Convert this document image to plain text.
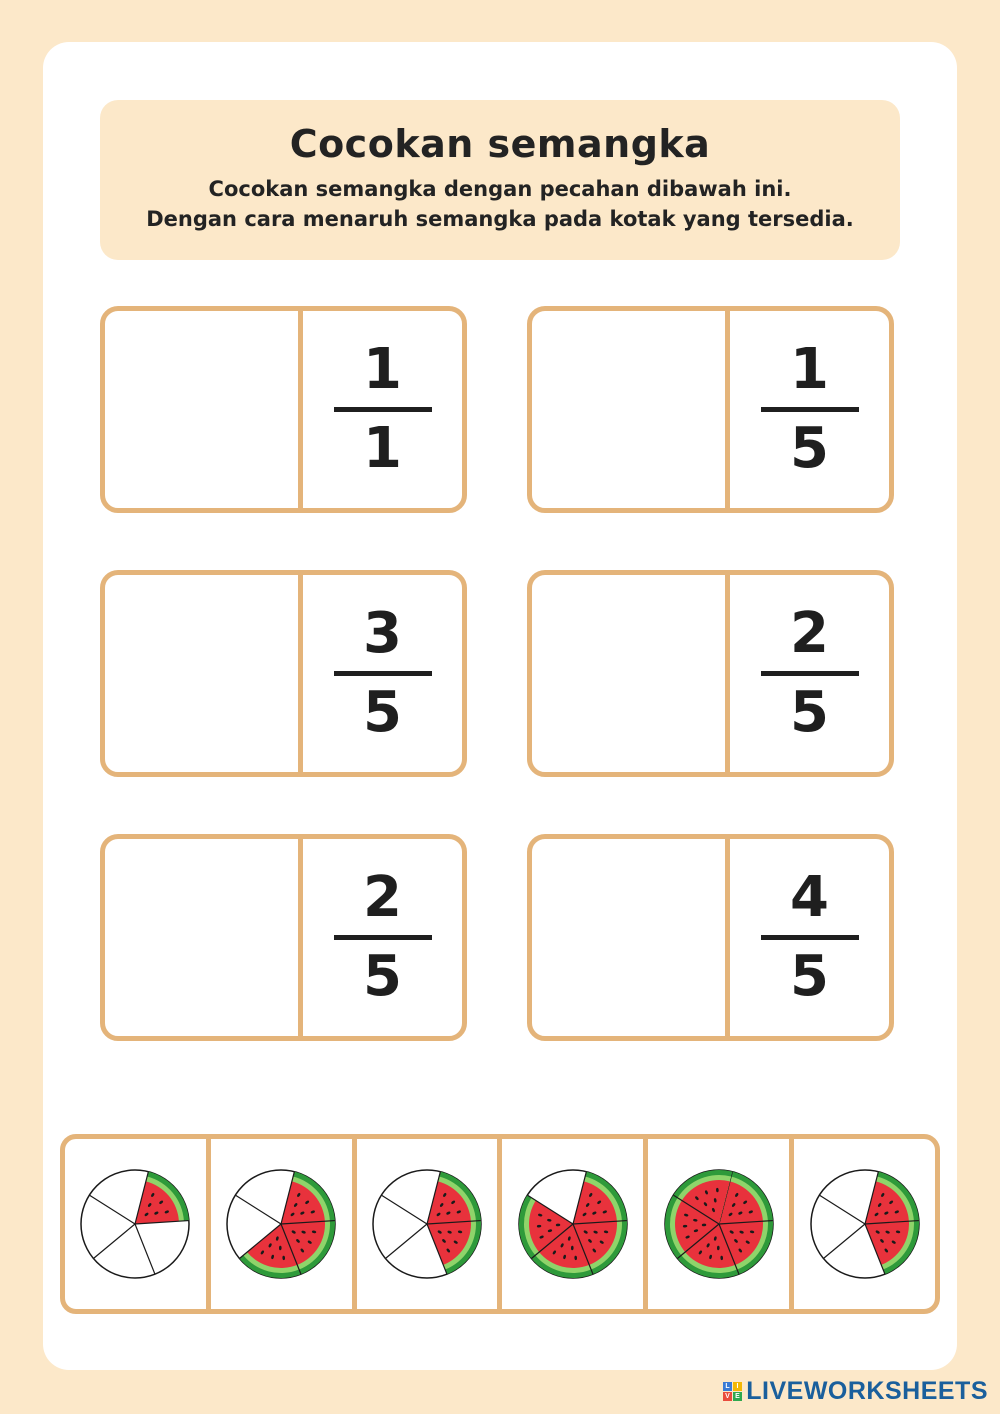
Cocokan semangka
Cocokan semangka dengan pecahan dibawah ini.
Dengan cara menaruh semangka pada kotak yang tersedia.
1
1
1
5
3
5
2
5
2
5
4
5
L I
V E LIVEWORKSHEETS
